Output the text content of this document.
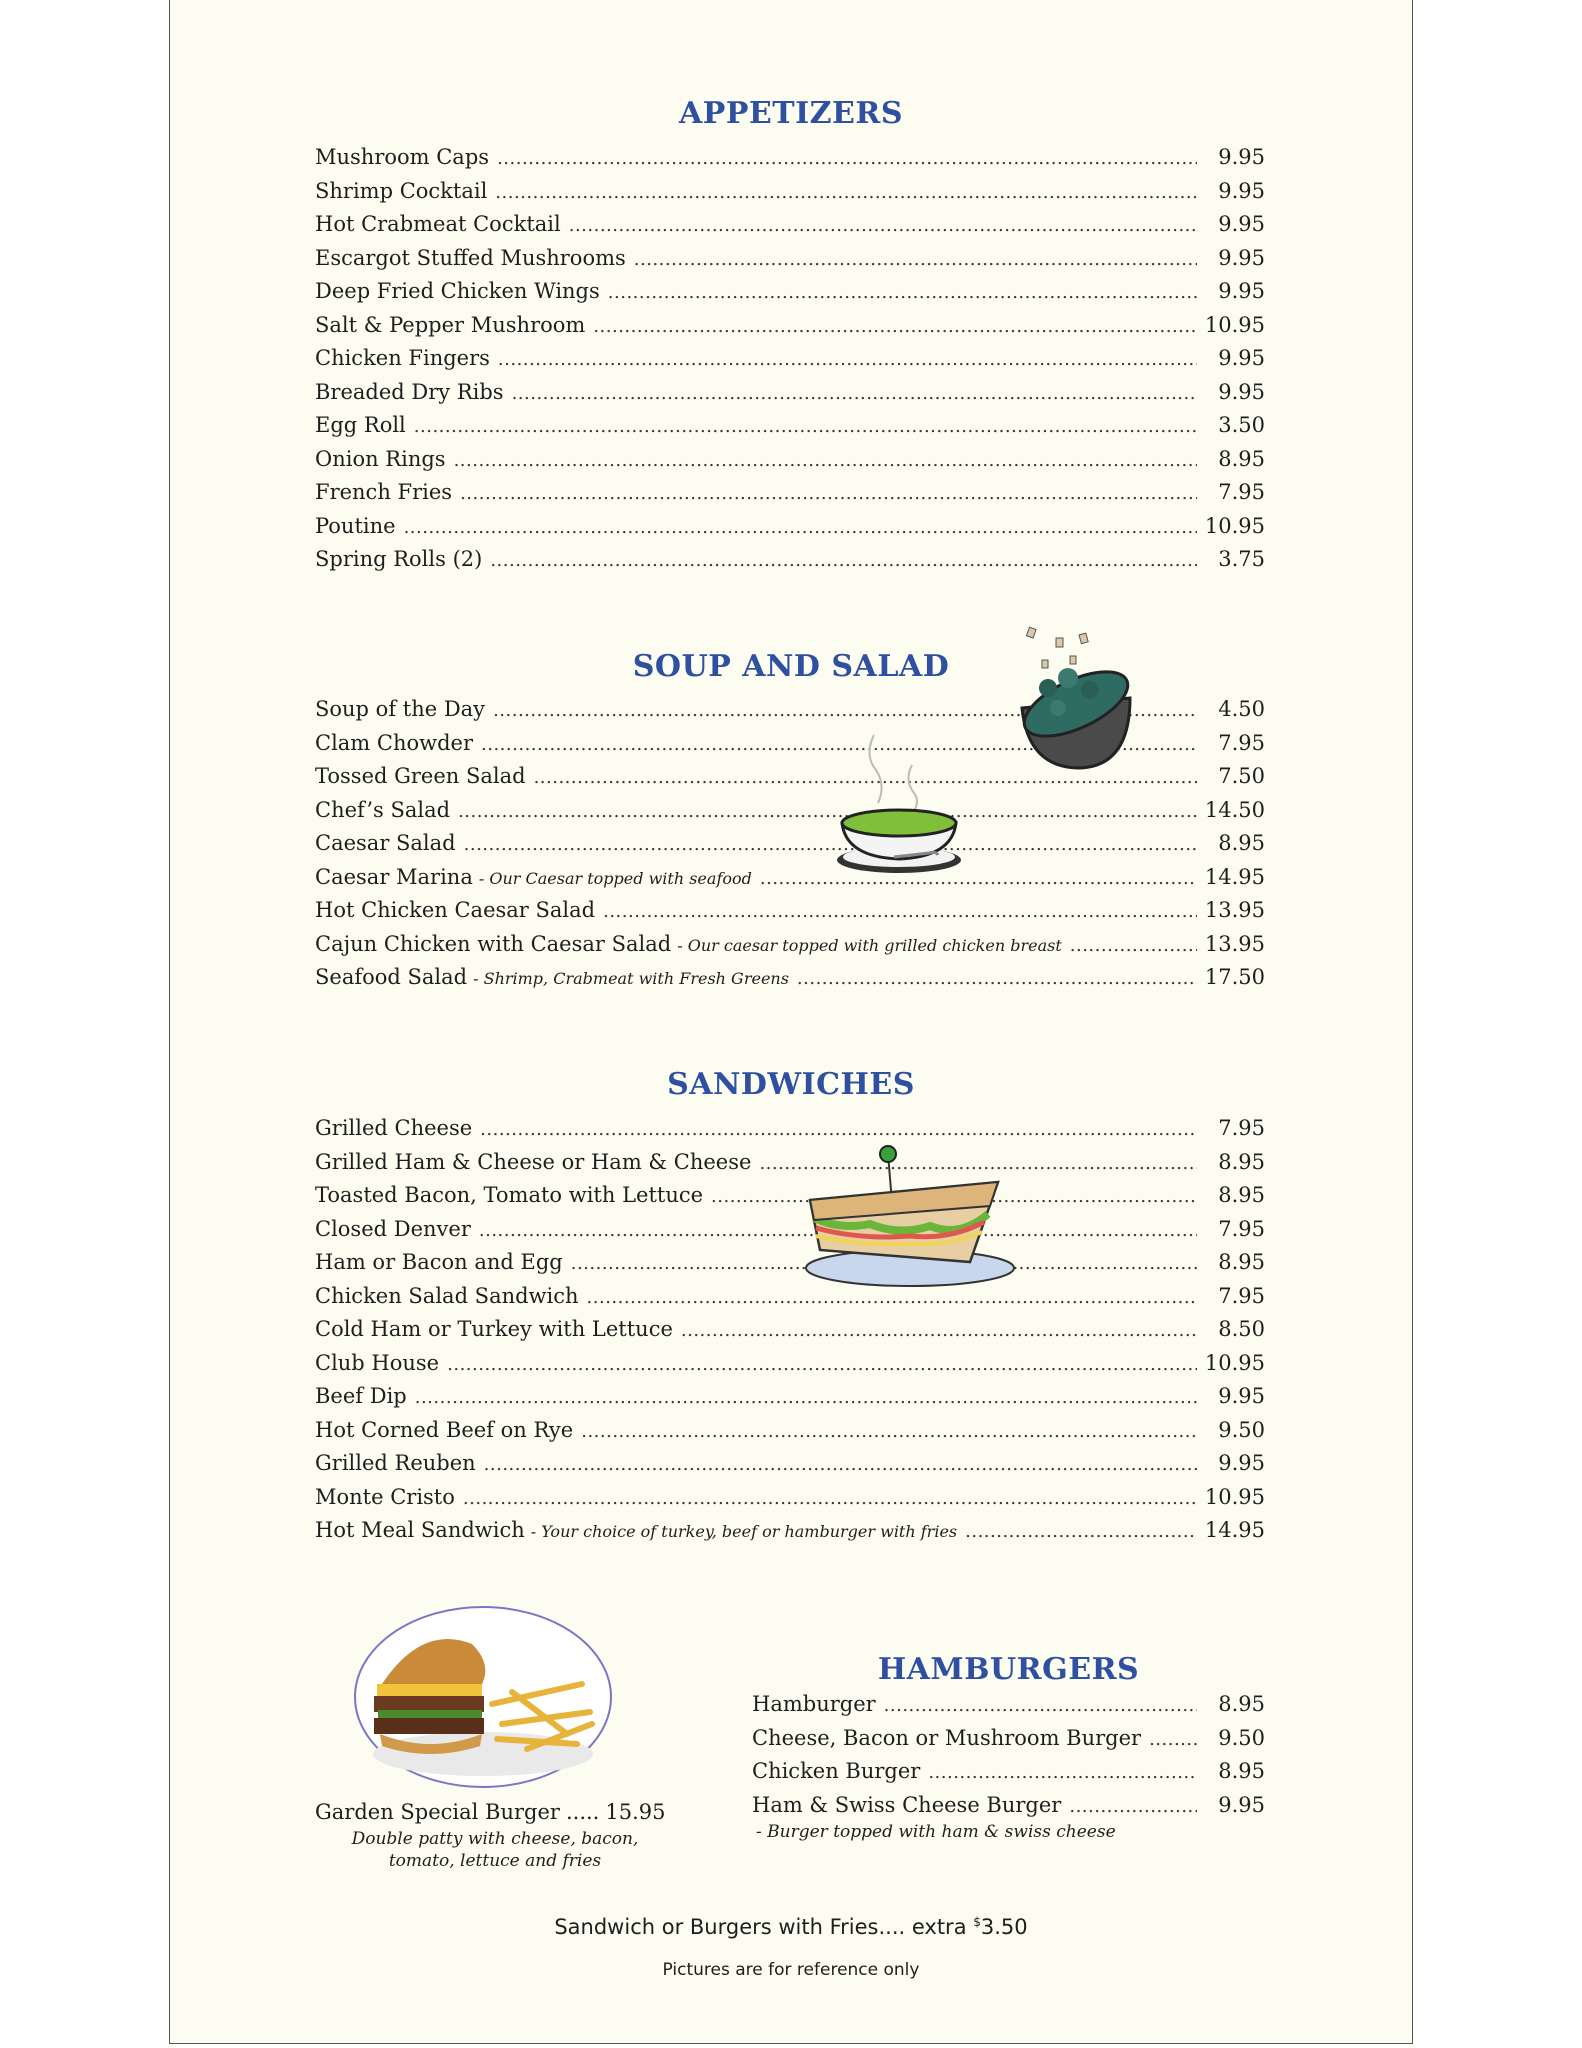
APPETIZERS
Mushroom Caps .....	9.95
Shrimp Cocktail .....	9.95
Hot Crabmeat Cocktail .....	9.95
Escargot Stuffed Mushrooms .....	9.95
Deep Fried Chicken Wings .....	9.95
Salt & Pepper Mushroom .....	10.95
Chicken Fingers .....	9.95
Breaded Dry Ribs .....	9.95
Egg Roll .....	3.50
Onion Rings .....	8.95
French Fries .....	7.95
Poutine .....	10.95
Spring Rolls (2) .....	3.75
SOUP AND SALAD
Soup of the Day .....	4.50
Clam Chowder .....	7.95
Tossed Green Salad .....	7.50
Chef’s Salad .....	14.50
Caesar Salad .....	8.95
Caesar Marina - Our Caesar topped with seafood .....	14.95
Hot Chicken Caesar Salad .....	13.95
Cajun Chicken with Caesar Salad - Our caesar topped with grilled chicken breast .....	13.95
Seafood Salad - Shrimp, Crabmeat with Fresh Greens .....	17.50
SANDWICHES
Grilled Cheese .....	7.95
Grilled Ham & Cheese or Ham & Cheese .....	8.95
Toasted Bacon, Tomato with Lettuce .....	8.95
Closed Denver .....	7.95
Ham or Bacon and Egg .....	8.95
Chicken Salad Sandwich .....	7.95
Cold Ham or Turkey with Lettuce .....	8.50
Club House .....	10.95
Beef Dip .....	9.95
Hot Corned Beef on Rye .....	9.50
Grilled Reuben .....	9.95
Monte Cristo .....	10.95
Hot Meal Sandwich - Your choice of turkey, beef or hamburger with fries .....	14.95
HAMBURGERS
Hamburger .....	8.95
Cheese, Bacon or Mushroom Burger .....	9.50
Chicken Burger .....	8.95
Ham & Swiss Cheese Burger .....	9.95
- Burger topped with ham & swiss cheese
Garden Special Burger ..... 15.95
Double patty with cheese, bacon,
tomato, lettuce and fries
Sandwich or Burgers with Fries.... extra $3.50
Pictures are for reference only
